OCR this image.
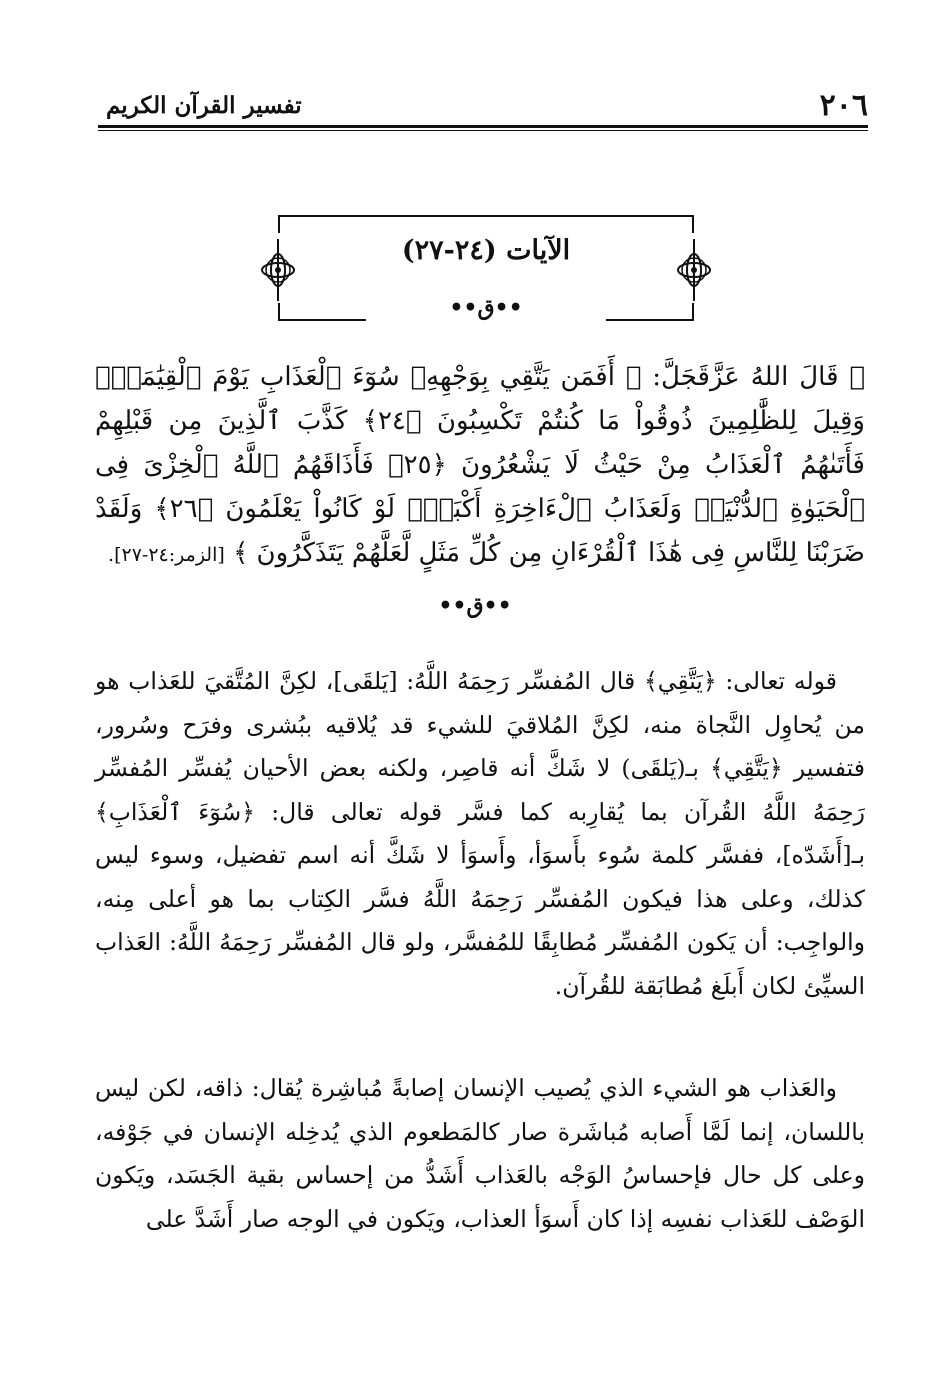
٢٠٦
تفسير القرآن الكريم
الآيات (٢٤-٢٧)
••ق••
۞ قَالَ اللهُ عَزَّقَجَلَّ: ﴿ أَفَمَن يَتَّقِي بِوَجْهِهِۦ سُوٓءَ ٱلْعَذَابِ يَوْمَ ٱلْقِيَٰمَةِۚ وَقِيلَ لِلظَّٰلِمِينَ ذُوقُواْ مَا كُنتُمْ تَكْسِبُونَ ﴿٢٤﴾ كَذَّبَ ٱلَّذِينَ مِن قَبْلِهِمْ فَأَتَىٰهُمُ ٱلْعَذَابُ مِنْ حَيْثُ لَا يَشْعُرُونَ ﴿٢٥﴾ فَأَذَاقَهُمُ ٱللَّهُ ٱلْخِزْىَ فِى ٱلْحَيَوٰةِ ٱلدُّنْيَاۖ وَلَعَذَابُ ٱلْءَاخِرَةِ أَكْبَرُۚ لَوْ كَانُواْ يَعْلَمُونَ ﴿٢٦﴾ وَلَقَدْ ضَرَبْنَا لِلنَّاسِ فِى هَٰذَا ٱلْقُرْءَانِ مِن كُلِّ مَثَلٍ لَّعَلَّهُمْ يَتَذَكَّرُونَ ﴾ [الزمر:٢٤-٢٧].
••ق••
قوله تعالى: ﴿يَتَّقِي﴾ قال المُفسِّر رَحِمَهُ اللَّهُ: [يَلقَى]، لكِنَّ المُتَّقيَ للعَذاب هو من يُحاوِل النَّجاة منه، لكِنَّ المُلاقيَ للشيء قد يُلاقيه ببُشرى وفرَح وسُرور، فتفسير ﴿يَتَّقِي﴾ بـ(يَلقَى) لا شَكَّ أنه قاصِر، ولكنه بعض الأحيان يُفسِّر المُفسِّر رَحِمَهُ اللَّهُ القُرآن بما يُقارِبه كما فسَّر قوله تعالى قال: ﴿سُوٓءَ ٱلْعَذَابِ﴾ بـ[أَشَدّه]، ففسَّر كلمة سُوء بأَسوَأ، وأَسوَأ لا شَكَّ أنه اسم تفضيل، وسوء ليس كذلك، وعلى هذا فيكون المُفسِّر رَحِمَهُ اللَّهُ فسَّر الكِتاب بما هو أعلى مِنه، والواجِب: أن يَكون المُفسِّر مُطابِقًا للمُفسَّر، ولو قال المُفسِّر رَحِمَهُ اللَّهُ: العَذاب السيِّئ لكان أَبلَغ مُطابَقة للقُرآن.
والعَذاب هو الشيء الذي يُصيب الإنسان إصابةً مُباشِرة يُقال: ذاقه، لكن ليس باللسان، إنما لَمَّا أَصابه مُباشَرة صار كالمَطعوم الذي يُدخِله الإنسان في جَوْفه، وعلى كل حال فإحساسُ الوَجْه بالعَذاب أَشَدُّ من إحساس بقية الجَسَد، ويَكون الوَصْف للعَذاب نفسِه إذا كان أَسوَأ العذاب، ويَكون في الوجه صار أَشَدَّ على
